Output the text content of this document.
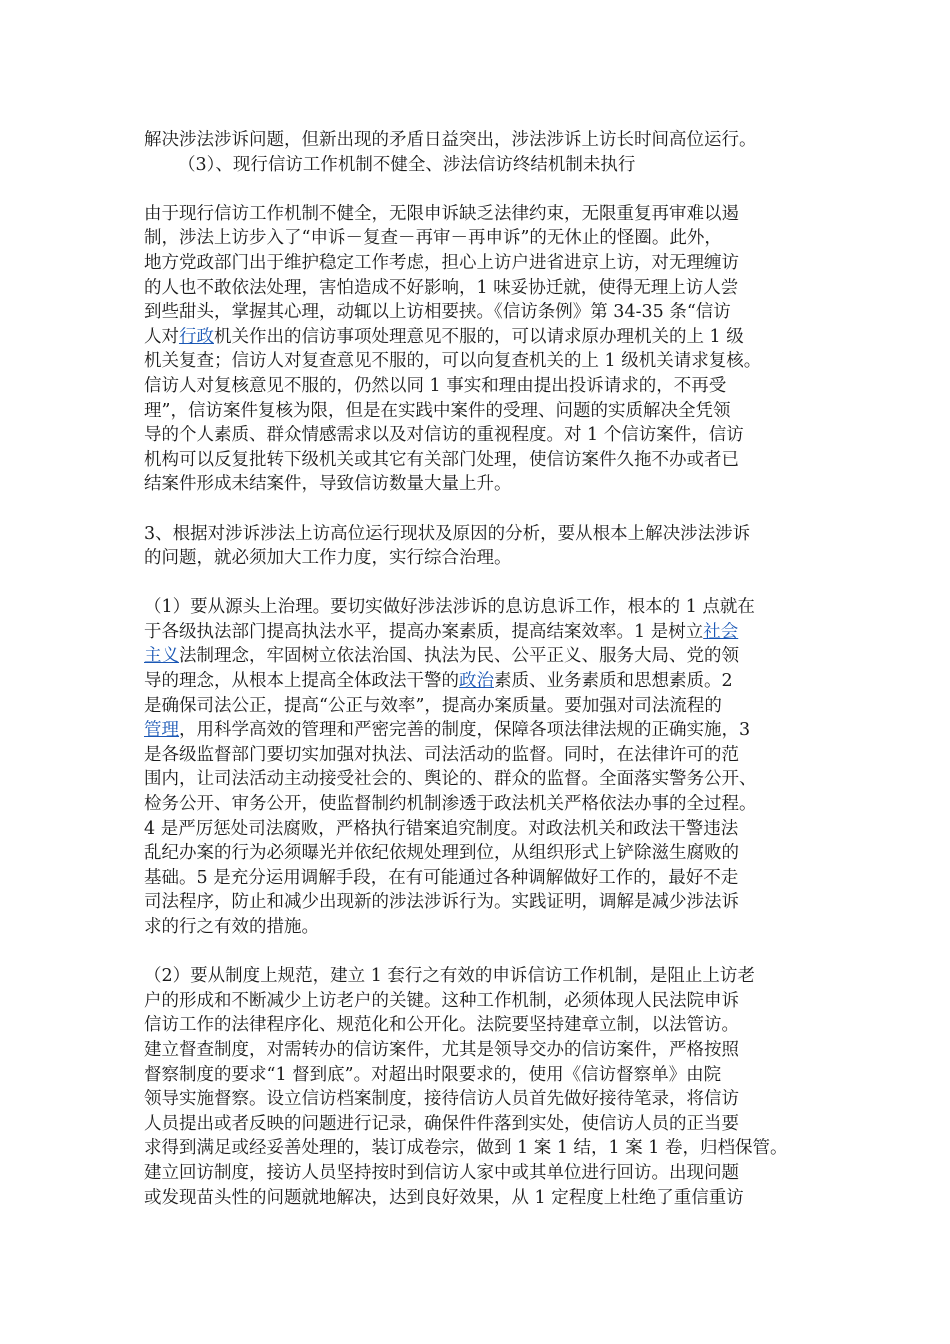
解决涉法涉诉问题，但新出现的矛盾日益突出，涉法涉诉上访长时间高位运行。

（3）、现行信访工作机制不健全、涉法信访终结机制未执行

由于现行信访工作机制不健全，无限申诉缺乏法律约束，无限重复再审难以遏
制，涉法上访步入了“申诉－复查－再审－再申诉”的无休止的怪圈。此外，
地方党政部门出于维护稳定工作考虑，担心上访户进省进京上访，对无理缠访
的人也不敢依法处理，害怕造成不好影响，1 味妥协迁就，使得无理上访人尝
到些甜头，掌握其心理，动辄以上访相要挟。《信访条例》第 34-35 条“信访
人对行政机关作出的信访事项处理意见不服的，可以请求原办理机关的上 1 级
机关复查；信访人对复查意见不服的，可以向复查机关的上 1 级机关请求复核。
信访人对复核意见不服的，仍然以同 1 事实和理由提出投诉请求的，不再受
理”，信访案件复核为限，但是在实践中案件的受理、问题的实质解决全凭领
导的个人素质、群众情感需求以及对信访的重视程度。对 1 个信访案件，信访
机构可以反复批转下级机关或其它有关部门处理，使信访案件久拖不办或者已
结案件形成未结案件，导致信访数量大量上升。

3、根据对涉诉涉法上访高位运行现状及原因的分析，要从根本上解决涉法涉诉
的问题，就必须加大工作力度，实行综合治理。

（1）要从源头上治理。要切实做好涉法涉诉的息访息诉工作，根本的 1 点就在
于各级执法部门提高执法水平，提高办案素质，提高结案效率。1 是树立社会
主义法制理念，牢固树立依法治国、执法为民、公平正义、服务大局、党的领
导的理念，从根本上提高全体政法干警的政治素质、业务素质和思想素质。2
是确保司法公正，提高“公正与效率”，提高办案质量。要加强对司法流程的
管理，用科学高效的管理和严密完善的制度，保障各项法律法规的正确实施，3
是各级监督部门要切实加强对执法、司法活动的监督。同时，在法律许可的范
围内，让司法活动主动接受社会的、舆论的、群众的监督。全面落实警务公开、
检务公开、审务公开，使监督制约机制渗透于政法机关严格依法办事的全过程。
4 是严厉惩处司法腐败，严格执行错案追究制度。对政法机关和政法干警违法
乱纪办案的行为必须曝光并依纪依规处理到位，从组织形式上铲除滋生腐败的
基础。5 是充分运用调解手段，在有可能通过各种调解做好工作的，最好不走
司法程序，防止和减少出现新的涉法涉诉行为。实践证明，调解是减少涉法诉
求的行之有效的措施。

（2）要从制度上规范，建立 1 套行之有效的申诉信访工作机制，是阻止上访老
户的形成和不断减少上访老户的关键。这种工作机制，必须体现人民法院申诉
信访工作的法律程序化、规范化和公开化。法院要坚持建章立制，以法管访。
建立督查制度，对需转办的信访案件，尤其是领导交办的信访案件，严格按照
督察制度的要求“1 督到底”。对超出时限要求的，使用《信访督察单》由院
领导实施督察。设立信访档案制度，接待信访人员首先做好接待笔录，将信访
人员提出或者反映的问题进行记录，确保件件落到实处，使信访人员的正当要
求得到满足或经妥善处理的，装订成卷宗，做到 1 案 1 结，1 案 1 卷，归档保管。
建立回访制度，接访人员坚持按时到信访人家中或其单位进行回访。出现问题
或发现苗头性的问题就地解决，达到良好效果，从 1 定程度上杜绝了重信重访
